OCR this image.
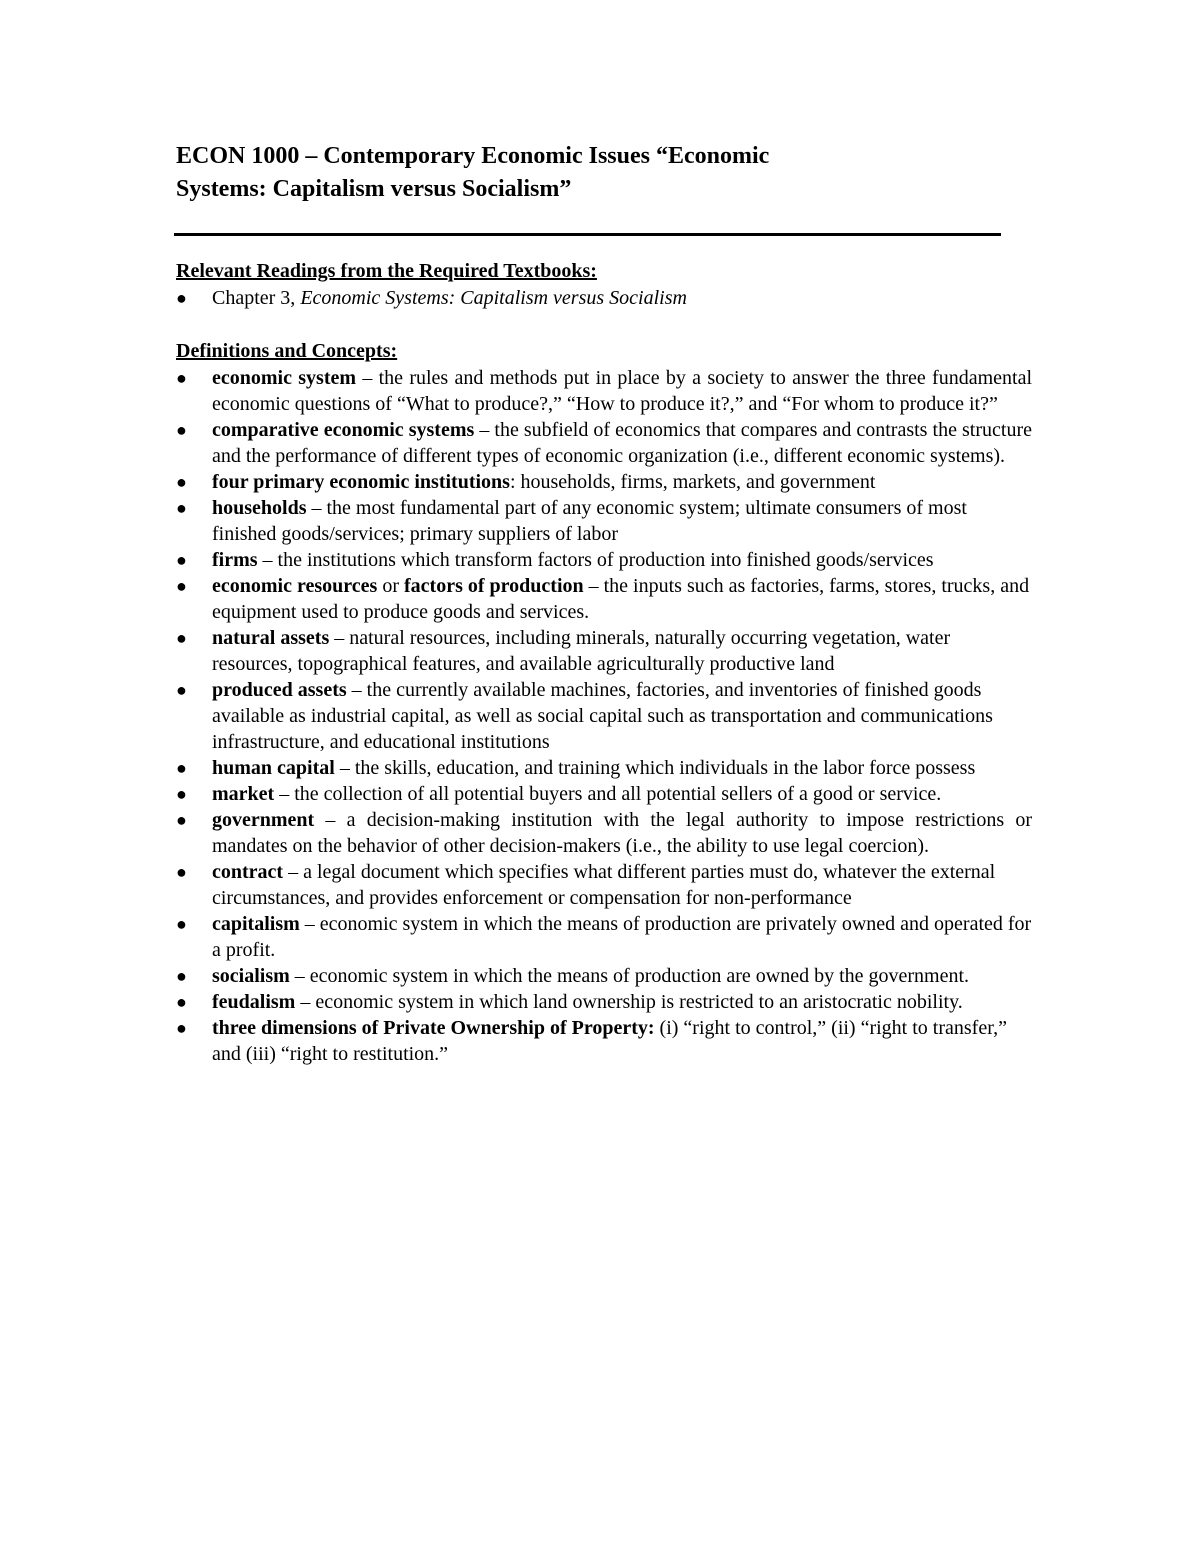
ECON 1000 – Contemporary Economic Issues “Economic
Systems: Capitalism versus Socialism”

Relevant Readings from the Required Textbooks:

●	Chapter 3, Economic Systems: Capitalism versus Socialism

Definitions and Concepts:

●	economic system – the rules and methods put in place by a society to answer the three fundamental economic questions of “What to produce?,” “How to produce it?,” and “For whom to produce it?”
●	comparative economic systems – the subfield of economics that compares and contrasts the structure and the performance of different types of economic organization (i.e., different economic systems).
●	four primary economic institutions: households, firms, markets, and government
●	households – the most fundamental part of any economic system; ultimate consumers of most finished goods/services; primary suppliers of labor
●	firms – the institutions which transform factors of production into finished goods/services
●	economic resources or factors of production – the inputs such as factories, farms, stores, trucks, and equipment used to produce goods and services.
●	natural assets – natural resources, including minerals, naturally occurring vegetation, water resources, topographical features, and available agriculturally productive land
●	produced assets – the currently available machines, factories, and inventories of finished goods available as industrial capital, as well as social capital such as transportation and communications infrastructure, and educational institutions
●	human capital – the skills, education, and training which individuals in the labor force possess
●	market – the collection of all potential buyers and all potential sellers of a good or service.
●	government – a decision-making institution with the legal authority to impose restrictions or mandates on the behavior of other decision-makers (i.e., the ability to use legal coercion).
●	contract – a legal document which specifies what different parties must do, whatever the external circumstances, and provides enforcement or compensation for non-performance
●	capitalism – economic system in which the means of production are privately owned and operated for a profit.
●	socialism – economic system in which the means of production are owned by the government.
●	feudalism – economic system in which land ownership is restricted to an aristocratic nobility.
●	three dimensions of Private Ownership of Property: (i) “right to control,” (ii) “right to transfer,” and (iii) “right to restitution.”
